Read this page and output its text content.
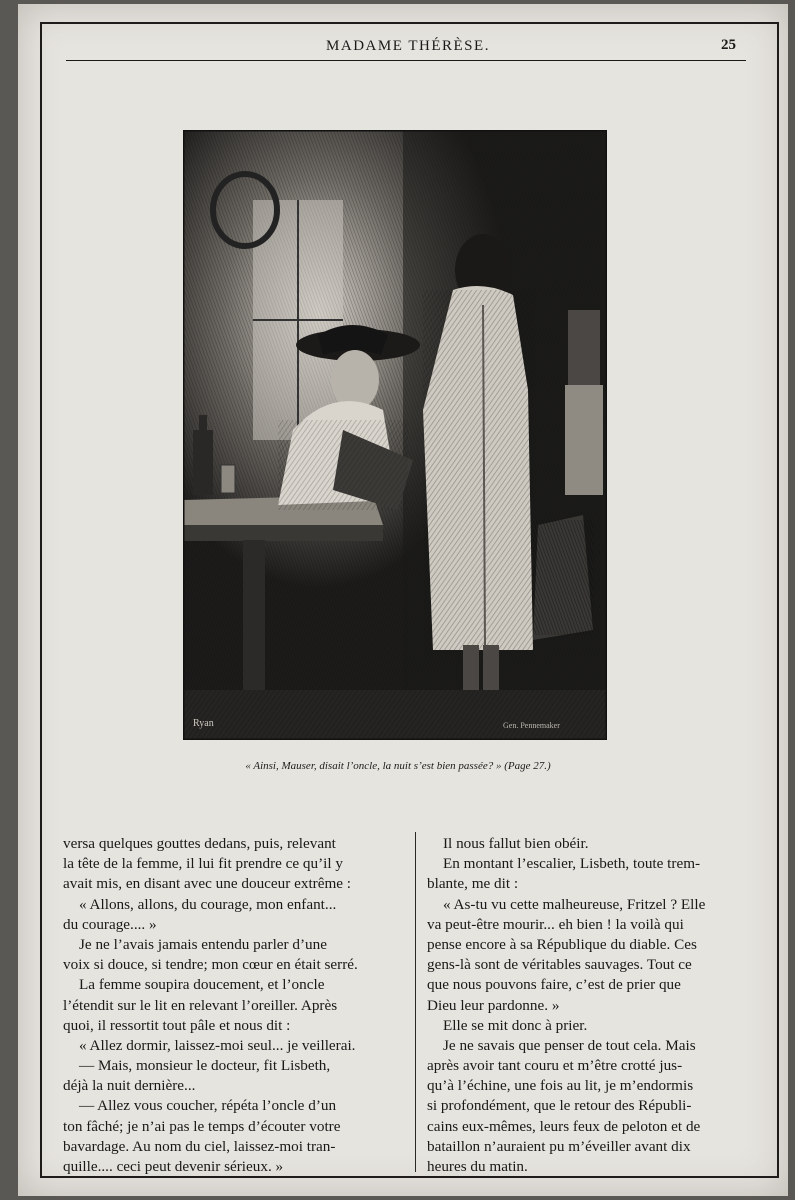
MADAME THÉRÈSE.	25
Ryan	Gen. Pennemaker
« Ainsi, Mauser, disait l’oncle, la nuit s’est bien passée? » (Page 27.)
versa quelques gouttes dedans, puis, relevant
la tête de la femme, il lui fit prendre ce qu’il y
avait mis, en disant avec une douceur extrême :
« Allons, allons, du courage, mon enfant...
du courage.... »
Je ne l’avais jamais entendu parler d’une
voix si douce, si tendre; mon cœur en était serré.
La femme soupira doucement, et l’oncle
l’étendit sur le lit en relevant l’oreiller. Après
quoi, il ressortit tout pâle et nous dit :
« Allez dormir, laissez-moi seul... je veillerai.
— Mais, monsieur le docteur, fit Lisbeth,
déjà la nuit dernière...
— Allez vous coucher, répéta l’oncle d’un
ton fâché; je n’ai pas le temps d’écouter votre
bavardage. Au nom du ciel, laissez-moi tran-
quille.... ceci peut devenir sérieux. »
Il nous fallut bien obéir.
En montant l’escalier, Lisbeth, toute trem-
blante, me dit :
« As-tu vu cette malheureuse, Fritzel ? Elle
va peut-être mourir... eh bien ! la voilà qui
pense encore à sa République du diable. Ces
gens-là sont de véritables sauvages. Tout ce
que nous pouvons faire, c’est de prier que
Dieu leur pardonne. »
Elle se mit donc à prier.
Je ne savais que penser de tout cela. Mais
après avoir tant couru et m’être crotté jus-
qu’à l’échine, une fois au lit, je m’endormis
si profondément, que le retour des Républi-
cains eux-mêmes, leurs feux de peloton et de
bataillon n’auraient pu m’éveiller avant dix
heures du matin.
